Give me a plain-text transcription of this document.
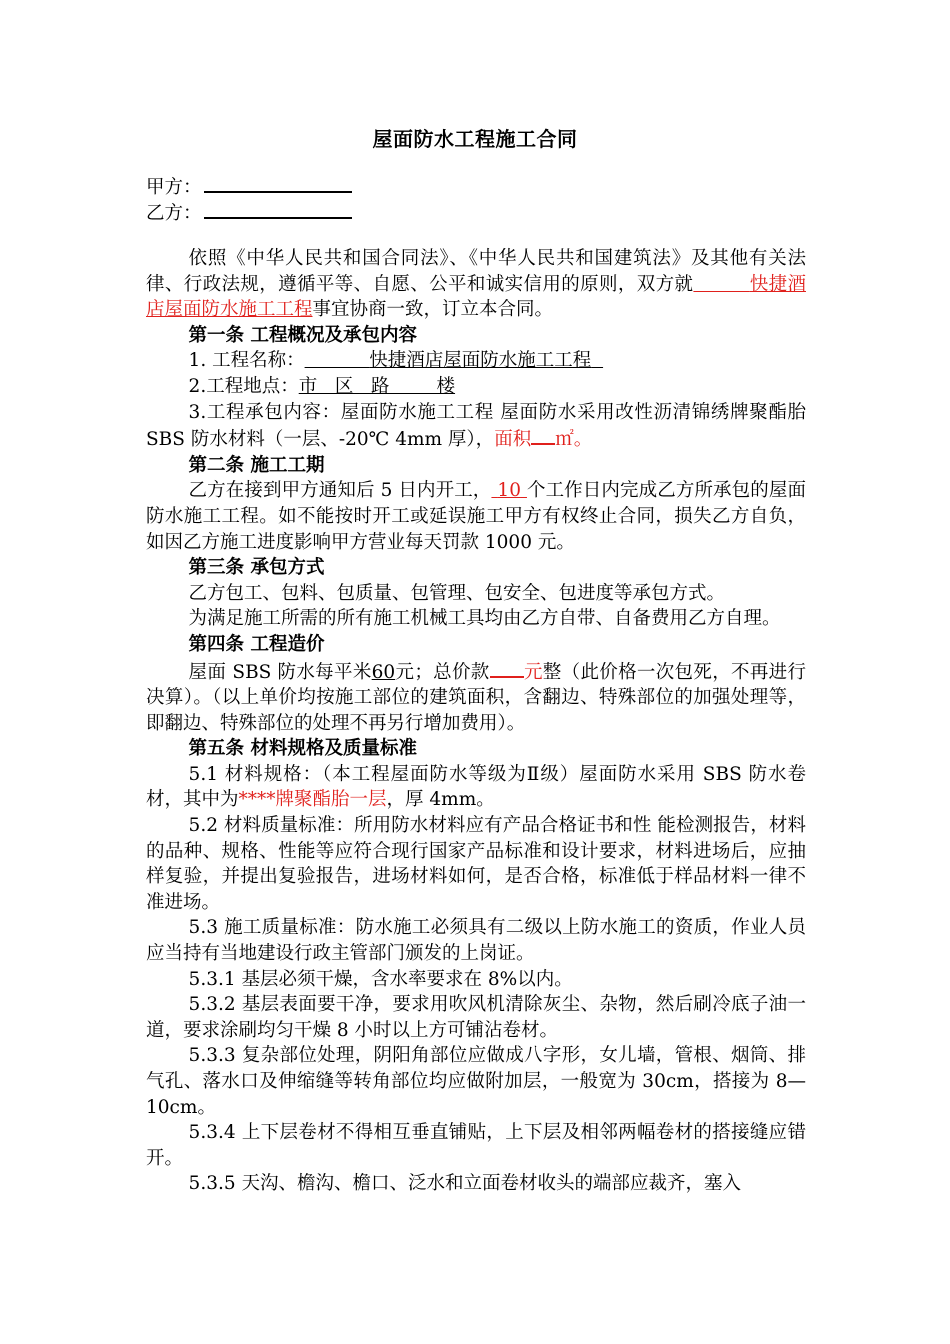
屋面防水工程施工合同
甲方：
乙方：

依照《中华人民共和国合同法》、《中华人民共和国建筑法》及其他有关法律、行政法规，遵循平等、自愿、公平和诚实信用的原则，双方就	快捷酒店屋面防水施工工程事宜协商一致，订立本合同。

第一条 工程概况及承包内容

1. 工程名称：	快捷酒店屋面防水施工工程

2.工程地点：市   区   路        楼

3.工程承包内容：屋面防水施工工程 屋面防水采用改性沥清锦绣牌聚酯胎 SBS 防水材料（一层、-20℃ 4mm 厚），面积 ㎡。

第二条 施工工期

乙方在接到甲方通知后 5 日内开工， 10 个工作日内完成乙方所承包的屋面防水施工工程。如不能按时开工或延误施工甲方有权终止合同，损失乙方自负，如因乙方施工进度影响甲方营业每天罚款 1000 元。

第三条 承包方式

乙方包工、包料、包质量、包管理、包安全、包进度等承包方式。

为满足施工所需的所有施工机械工具均由乙方自带、自备费用乙方自理。

第四条 工程造价

屋面 SBS 防水每平米60元；总价款 元整（此价格一次包死，不再进行决算）。（以上单价均按施工部位的建筑面积，含翻边、特殊部位的加强处理等，即翻边、特殊部位的处理不再另行增加费用）。

第五条 材料规格及质量标准

5.1 材料规格：（本工程屋面防水等级为Ⅱ级）屋面防水采用 SBS 防水卷材，其中为****牌聚酯胎一层，厚 4mm。

5.2 材料质量标准：所用防水材料应有产品合格证书和性 能检测报告，材料的品种、规格、性能等应符合现行国家产品标准和设计要求，材料进场后，应抽样复验，并提出复验报告，进场材料如何，是否合格，标准低于样品材料一律不准进场。

5.3 施工质量标准：防水施工必须具有二级以上防水施工的资质，作业人员应当持有当地建设行政主管部门颁发的上岗证。

5.3.1 基层必须干燥，含水率要求在 8%以内。

5.3.2 基层表面要干净，要求用吹风机清除灰尘、杂物，然后刷冷底子油一道，要求涂刷均匀干燥 8 小时以上方可铺沾卷材。

5.3.3 复杂部位处理，阴阳角部位应做成八字形，女儿墙，管根、烟筒、排气孔、落水口及伸缩缝等转角部位均应做附加层，一般宽为 30cm，搭接为 8—10cm。

5.3.4 上下层卷材不得相互垂直铺贴，上下层及相邻两幅卷材的搭接缝应错开。

5.3.5 天沟、檐沟、檐口、泛水和立面卷材收头的端部应裁齐，塞入
